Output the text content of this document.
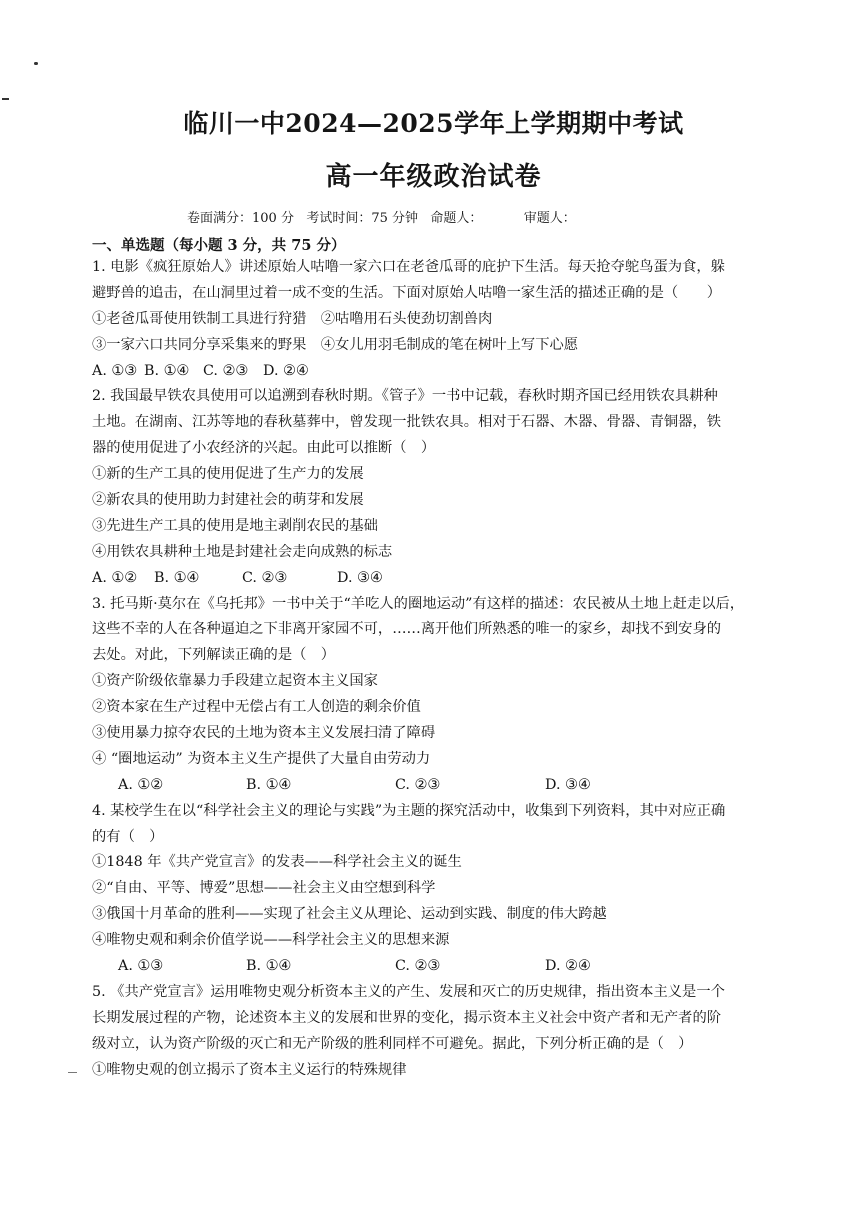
临川一中2024—2025学年上学期期中考试
高一年级政治试卷
卷面满分：100 分   考试时间：75 分钟   命题人：          审题人：
一、单选题（每小题 3 分，共 75 分）
1. 电影《疯狂原始人》讲述原始人咕噜一家六口在老爸瓜哥的庇护下生活。每天抢夺鸵鸟蛋为食，躲
避野兽的追击，在山洞里过着一成不变的生活。下面对原始人咕噜一家生活的描述正确的是（　　）
①老爸瓜哥使用铁制工具进行狩猎　②咕噜用石头使劲切割兽肉
③一家六口共同分享采集来的野果　④女儿用羽毛制成的笔在树叶上写下心愿
A. ①③ B. ①④ C. ②③	D. ②④
2. 我国最早铁农具使用可以追溯到春秋时期。《管子》一书中记载，春秋时期齐国已经用铁农具耕种
土地。在湖南、江苏等地的春秋墓葬中，曾发现一批铁农具。相对于石器、木器、骨器、青铜器，铁
器的使用促进了小农经济的兴起。由此可以推断（　）
①新的生产工具的使用促进了生产力的发展
②新农具的使用助力封建社会的萌芽和发展
③先进生产工具的使用是地主剥削农民的基础
④用铁农具耕种土地是封建社会走向成熟的标志
A. ①②	B. ①④	C. ②③	D. ③④
3. 托马斯·莫尔在《乌托邦》一书中关于“羊吃人的圈地运动”有这样的描述：农民被从土地上赶走以后，
这些不幸的人在各种逼迫之下非离开家园不可，……离开他们所熟悉的唯一的家乡，却找不到安身的
去处。对此，下列解读正确的是（　）
①资产阶级依靠暴力手段建立起资本主义国家
②资本家在生产过程中无偿占有工人创造的剩余价值
③使用暴力掠夺农民的土地为资本主义发展扫清了障碍
④ “圈地运动” 为资本主义生产提供了大量自由劳动力
A. ①②	B. ①④	C. ②③	D. ③④
4. 某校学生在以“科学社会主义的理论与实践”为主题的探究活动中，收集到下列资料，其中对应正确
的有（　）
①1848 年《共产党宣言》的发表——科学社会主义的诞生
②“自由、平等、博爱”思想——社会主义由空想到科学
③俄国十月革命的胜利——实现了社会主义从理论、运动到实践、制度的伟大跨越
④唯物史观和剩余价值学说——科学社会主义的思想来源
A. ①③	B. ①④	C. ②③	D. ②④
5. 《共产党宣言》运用唯物史观分析资本主义的产生、发展和灭亡的历史规律，指出资本主义是一个
长期发展过程的产物，论述资本主义的发展和世界的变化，揭示资本主义社会中资产者和无产者的阶
级对立，认为资产阶级的灭亡和无产阶级的胜利同样不可避免。据此，下列分析正确的是（　）
①唯物史观的创立揭示了资本主义运行的特殊规律
